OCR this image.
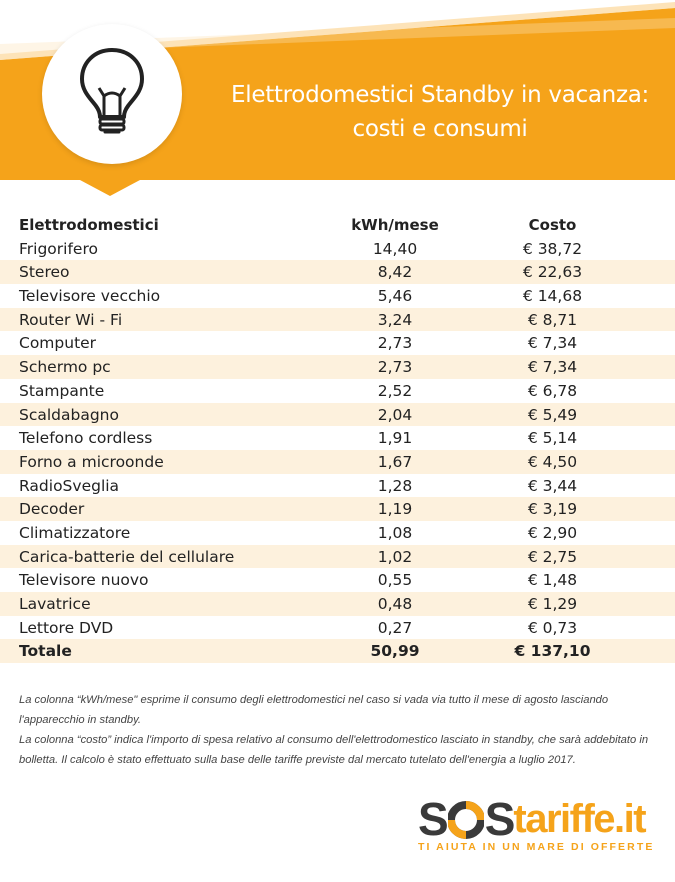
Elettrodomestici Standby in vacanza:
costi e consumi
Elettrodomestici	kWh/mese	Costo
Frigorifero	14,40	€ 38,72
Stereo	8,42	€ 22,63
Televisore vecchio	5,46	€ 14,68
Router Wi - Fi	3,24	€ 8,71
Computer	2,73	€ 7,34
Schermo pc	2,73	€ 7,34
Stampante	2,52	€ 6,78
Scaldabagno	2,04	€ 5,49
Telefono cordless	1,91	€ 5,14
Forno a microonde	1,67	€ 4,50
RadioSveglia	1,28	€ 3,44
Decoder	1,19	€ 3,19
Climatizzatore	1,08	€ 2,90
Carica-batterie del cellulare	1,02	€ 2,75
Televisore nuovo	0,55	€ 1,48
Lavatrice	0,48	€ 1,29
Lettore DVD	0,27	€ 0,73
Totale	50,99	€ 137,10

La colonna “kWh/mese" esprime il consumo degli elettrodomestici nel caso si vada via tutto il mese di agosto lasciando l'apparecchio in standby.

La colonna “costo” indica l'importo di spesa relativo al consumo dell'elettrodomestico lasciato in standby, che sarà addebitato in bolletta. Il calcolo è stato effettuato sulla base delle tariffe previste dal mercato tutelato dell'energia a luglio 2017.

S Stariffe.it
TI AIUTA IN UN MARE DI OFFERTE
